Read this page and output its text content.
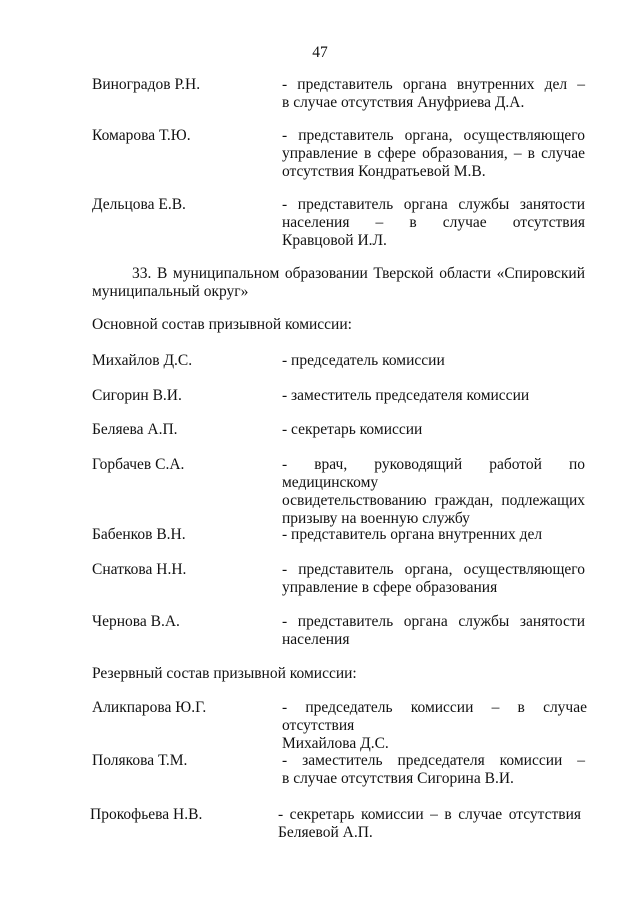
47
Виноградов Р.Н.	- представитель органа внутренних дел –
в случае отсутствия Ануфриева Д.А.
Комарова Т.Ю.	- представитель органа, осуществляющего
управление в сфере образования, – в случае
отсутствия Кондратьевой М.В.
Дельцова Е.В.	- представитель органа службы занятости
населения – в случае отсутствия
Кравцовой И.Л.
33. В муниципальном образовании Тверской области «Спировский
муниципальный округ»
Основной состав призывной комиссии:
Михайлов Д.С.	- председатель комиссии
Сигорин В.И.	- заместитель председателя комиссии
Беляева А.П.	- секретарь комиссии
Горбачев С.А.	- врач, руководящий работой по медицинскому
освидетельствованию граждан, подлежащих
призыву на военную службу
Бабенков В.Н.	- представитель органа внутренних дел
Снаткова Н.Н.	- представитель органа, осуществляющего
управление в сфере образования
Чернова В.А.	- представитель органа службы занятости
населения
Резервный состав призывной комиссии:
Аликпарова Ю.Г.	- председатель комиссии – в случае отсутствия
Михайлова Д.С.
Полякова Т.М.	- заместитель председателя комиссии –
в случае отсутствия Сигорина В.И.
Прокофьева Н.В.	- секретарь комиссии – в случае отсутствия
Беляевой А.П.
